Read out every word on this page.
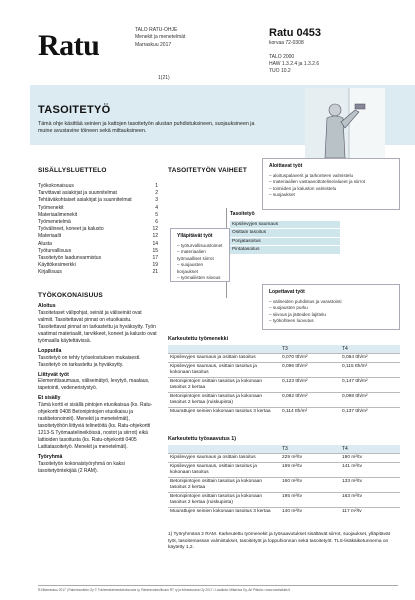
Ratu	TALO RATU-OHJE
Menekit ja menetelmät
Marraskuu 2017
1(21)
Ratu 0453
korvaa 72-0308
TALO 2000
HAW 1.3.2.4 ja 1.3.2.6
TUO 10.2
TASOITETYÖ
Tämä ohje käsittää seinien ja kattojen tasoitetyön alustan puhdistuksineen, suojauksineen ja muine avustavine töineen sekä mittauksineen.
SISÄLLYSLUETTELO
Työkokonaisuus	1
Tarvittavat asiakirjat ja suunnitelmat	2
Tehtäväkohtaiset asiakirjat ja suunnitelmat	3
Työmenekit	4
Materiaalimenekit	5
Työmenetelmä	6
Työvälineet, koneet ja kalusto	12
Materiaalit	12
Alusta	14
Työturvallisuus	15
Tasoitetyön laadunvarmistus	17
Käyttökesimerkki	19
Kirjallisuus	21
TYÖKOKONAISUUS
Aloitus

Tasoitetaset välipohjat, seinät ja väliseinät ovat valmiit. Tasoitettavat pinnat on etuoikaistu. Tasoitettavat pinnat on tarkastettu ja hyväksytty. Työn vaatimat materiaalit, tarvikkeet, koneet ja kalusto ovat työmaalla käytettävissä.

Lopputila

Tasoitetyö on tehty työselostuksen mukaisesti. Tasoitetyö on tarkastettu ja hyväksytty.

Liittyvät työt

Elementtisaumaus, väliseinätyö, levytyö, maalaus, tapetointi, vedeneristystyö.

Et sisälly

Tämä kortti ei sisällä pintojen etuoikaisua (ks. Ratu-ohjekortti 0408 Betonipintojen etuoikaisu ja raskbetonoinnit). Menekit ja menetelmät), tasoitetyöhön liittyviä telinetöitä (ks. Ratu-ohjekortti 1213-S Työmaatelineiköissä, nostot ja siirrot) eikä lattioiden tasoitusta (ks. Ratu-ohjekortti 0405 Lattiatasoitetyö. Menekit ja menetelmät).

Työryhmä

Tasoitetyön kokonaistyöryhmä on kaksi tasoitetyöntekijää (2 RAM).

TASOITETYÖN VAIHEET
Aloittavat työt
– aloituspalaverit ja tarkonteen valmistelu
– materiaalien vastaanottoteline/alueet ja siirrot
– toimiiden ja kaluston valmistelu
– suojaukset
Ylläpitävät työt
– työturvallisuustoimet
– materiaalien työmaalliset siirrot
– suojausten korjaukset
– työmaliisten siivous
Tasoitetyö
Kipsilevyjen saumaus
Osittain tasoitus
Ponjatasoitus
Pintatasoitus
Lopettavat työt
– välineiden puhdistus ja varastointi
– suojausten purku
– siivous ja jätteiden lajittelu
– työkohteen luovutus
Karkeutettu työmenekki
	T3	T4
Kipsilevyjen saumaus ja osittain tasoitus	0,070 tth/m²	0,084 tth/m²
Kipsilevyjen saumaus, osittain tasoitus ja kokonaan tasoitus	0,096 tth/m²	0,115 tth/m²
Betonipintojen osittain tasoitus ja kokonaan tasoitus 2 kertaa	0,123 tth/m²	0,147 tth/m²
Betonipintojen osittain tasoitus ja kokonaan tasoitus 2 kertaa (ruiskupinta)	0,082 tth/m²	0,098 tth/m²
Muurattujen seinien kokonaan tasoitus 3 kertaa	0,114 tth/m²	0,137 tth/m²
Karkeutettu työsaavutus 1)
	T3	T4
Kipsilevyjen saumaus ja osittain tasoitus	229 m²/tv	190 m²/tv
Kipsilevyjen saumaus, osittain tasoitus ja kokonaan tasoitus	169 m²/tv	141 m²/tv
Betonipintojen osittain tasoitus ja kokonaan tasoitus 2 kertaa	160 m²/tv	133 m²/tv
Betonipintojen osittain tasoitus ja kokonaan tasoitus 2 kertaa (ruiskupinta)	195 m²/tv	163 m²/tv
Muurattujen seinien kokonaan tasoitus 3 kertaa	140 m²/tv	117 m²/tv
1) Työryhmänä 2 RAM. Karkeutettu työmenekit ja työsaavutukset sisältävät siirrot, suojaukset, ylläpitävät työt, tasoitemassan valmistukset, tasoitetyöt ja loppuhionnan sekä tasoitetyöt. TLS-lisäkäiketunnema on käytetty 1,2.
RJ/Marraskuu 2017 | Rakennustieto Oy © Tuhlemaksimeskeluksuuria ry, Rakennusteollisuus RT ry ja Infraseurana Oy 2017 • Laadinta: Mittaviva Oy, Ari Pitkola • www.ratuhakkis.fi
